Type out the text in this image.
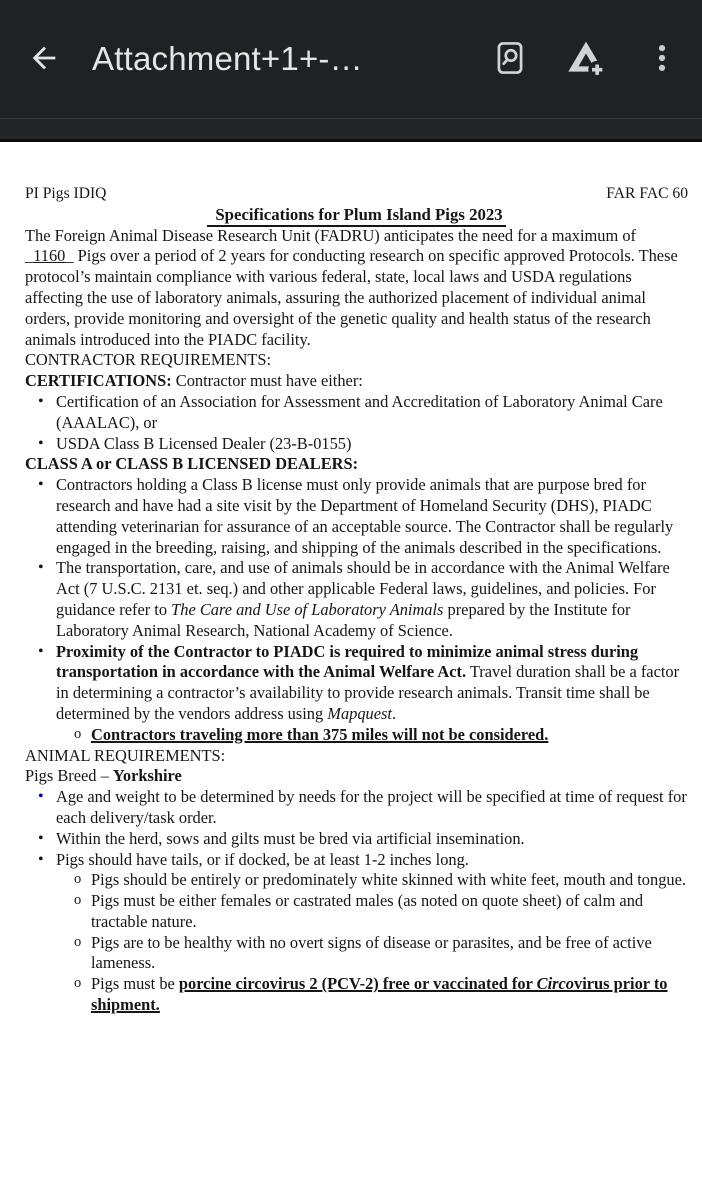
Attachment+1+-…
PI Pigs IDIQ	FAR FAC 60
Specifications for Plum Island Pigs 2023

The Foreign Animal Disease Research Unit (FADRU) anticipates the need for a maximum of _1160_ Pigs over a period of 2 years for conducting research on specific approved Protocols. These protocol’s maintain compliance with various federal, state, local laws and USDA regulations affecting the use of laboratory animals, assuring the authorized placement of individual animal orders, provide monitoring and oversight of the genetic quality and health status of the research animals introduced into the PIADC facility.

CONTRACTOR REQUIREMENTS:

CERTIFICATIONS: Contractor must have either:

• Certification of an Association for Assessment and Accreditation of Laboratory Animal Care (AAALAC), or
• USDA Class B Licensed Dealer (23-B-0155)

CLASS A or CLASS B LICENSED DEALERS:

• Contractors holding a Class B license must only provide animals that are purpose bred for research and have had a site visit by the Department of Homeland Security (DHS), PIADC attending veterinarian for assurance of an acceptable source. The Contractor shall be regularly engaged in the breeding, raising, and shipping of the animals described in the specifications.
• The transportation, care, and use of animals should be in accordance with the Animal Welfare Act (7 U.S.C. 2131 et. seq.) and other applicable Federal laws, guidelines, and policies. For guidance refer to The Care and Use of Laboratory Animals prepared by the Institute for Laboratory Animal Research, National Academy of Science.
• Proximity of the Contractor to PIADC is required to minimize animal stress during transportation in accordance with the Animal Welfare Act. Travel duration shall be a factor in determining a contractor’s availability to provide research animals. Transit time shall be determined by the vendors address using Mapquest.
o Contractors traveling more than 375 miles will not be considered.

ANIMAL REQUIREMENTS:

Pigs Breed – Yorkshire

• Age and weight to be determined by needs for the project will be specified at time of request for each delivery/task order.
• Within the herd, sows and gilts must be bred via artificial insemination.
• Pigs should have tails, or if docked, be at least 1-2 inches long.
o Pigs should be entirely or predominately white skinned with white feet, mouth and tongue.
o Pigs must be either females or castrated males (as noted on quote sheet) of calm and tractable nature.
o Pigs are to be healthy with no overt signs of disease or parasites, and be free of active lameness.
o Pigs must be porcine circovirus 2 (PCV-2) free or vaccinated for Circovirus prior to shipment.
